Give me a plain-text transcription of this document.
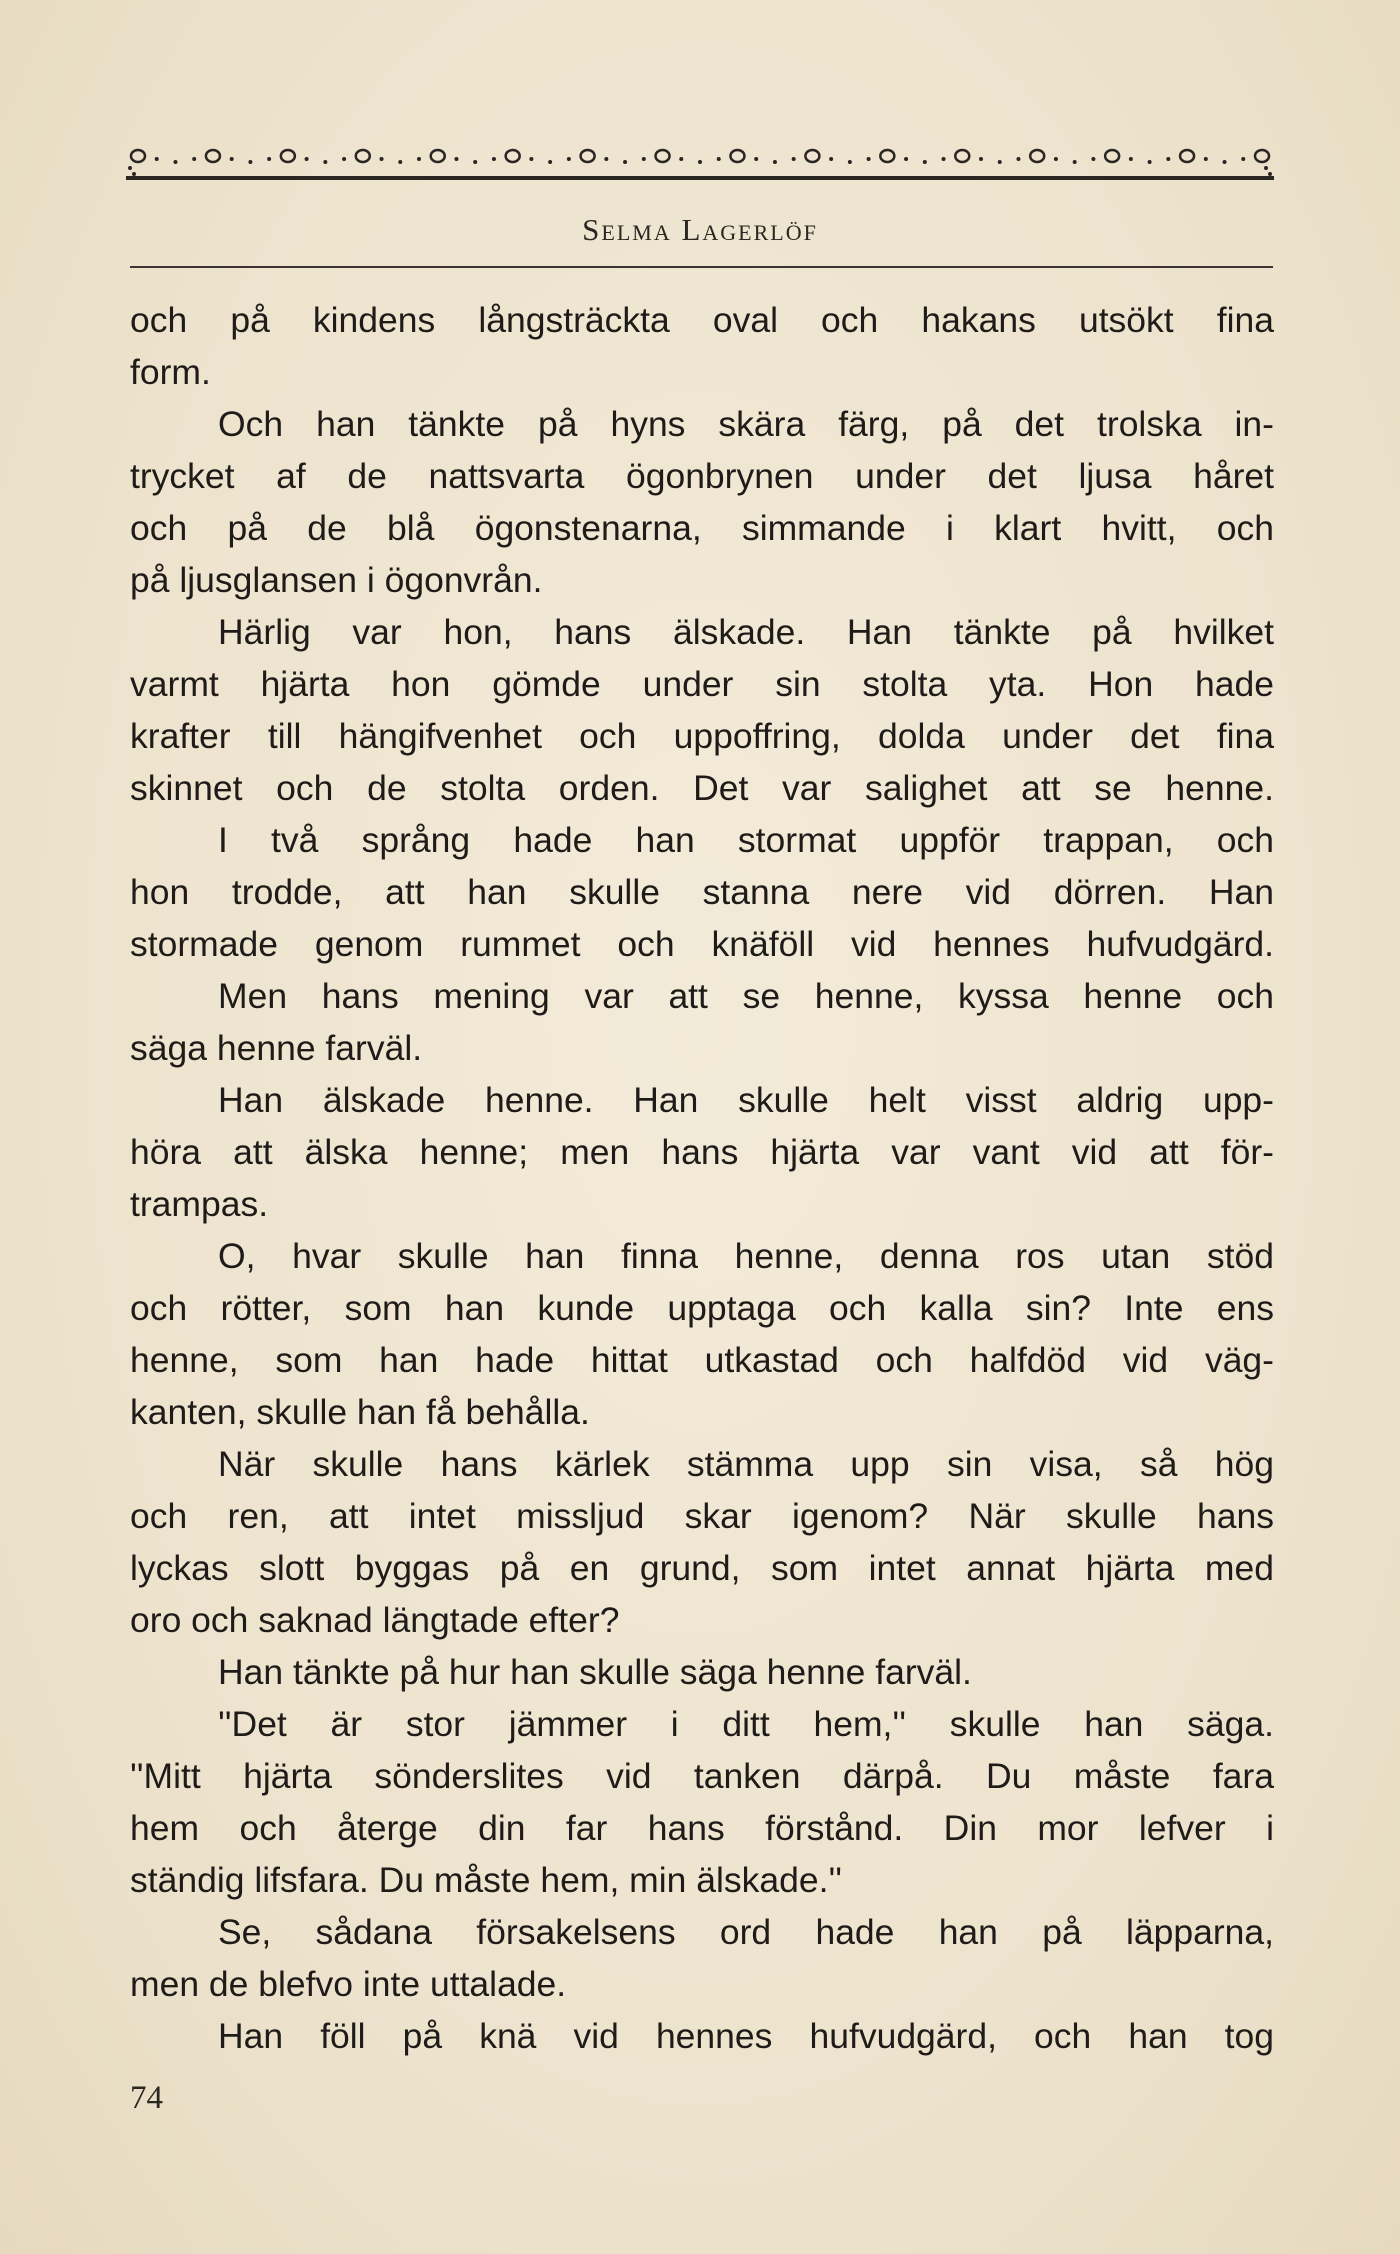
Selma Lagerlöf
och på kindens långsträckta oval och hakans utsökt fina
form.
Och han tänkte på hyns skära färg, på det trolska in-
trycket af de nattsvarta ögonbrynen under det ljusa håret
och på de blå ögonstenarna, simmande i klart hvitt, och
på ljusglansen i ögonvrån.
Härlig var hon, hans älskade. Han tänkte på hvilket
varmt hjärta hon gömde under sin stolta yta. Hon hade
krafter till hängifvenhet och uppoffring, dolda under det fina
skinnet och de stolta orden. Det var salighet att se henne.
I två språng hade han stormat uppför trappan, och
hon trodde, att han skulle stanna nere vid dörren. Han
stormade genom rummet och knäföll vid hennes hufvudgärd.
Men hans mening var att se henne, kyssa henne och
säga henne farväl.
Han älskade henne. Han skulle helt visst aldrig upp-
höra att älska henne; men hans hjärta var vant vid att för-
trampas.
O, hvar skulle han finna henne, denna ros utan stöd
och rötter, som han kunde upptaga och kalla sin? Inte ens
henne, som han hade hittat utkastad och halfdöd vid väg-
kanten, skulle han få behålla.
När skulle hans kärlek stämma upp sin visa, så hög
och ren, att intet missljud skar igenom? När skulle hans
lyckas slott byggas på en grund, som intet annat hjärta med
oro och saknad längtade efter?
Han tänkte på hur han skulle säga henne farväl.
''Det är stor jämmer i ditt hem,'' skulle han säga.
''Mitt hjärta sönderslites vid tanken därpå. Du måste fara
hem och återge din far hans förstånd. Din mor lefver i
ständig lifsfara. Du måste hem, min älskade.''
Se, sådana försakelsens ord hade han på läpparna,
men de blefvo inte uttalade.
Han föll på knä vid hennes hufvudgärd, och han tog
74
